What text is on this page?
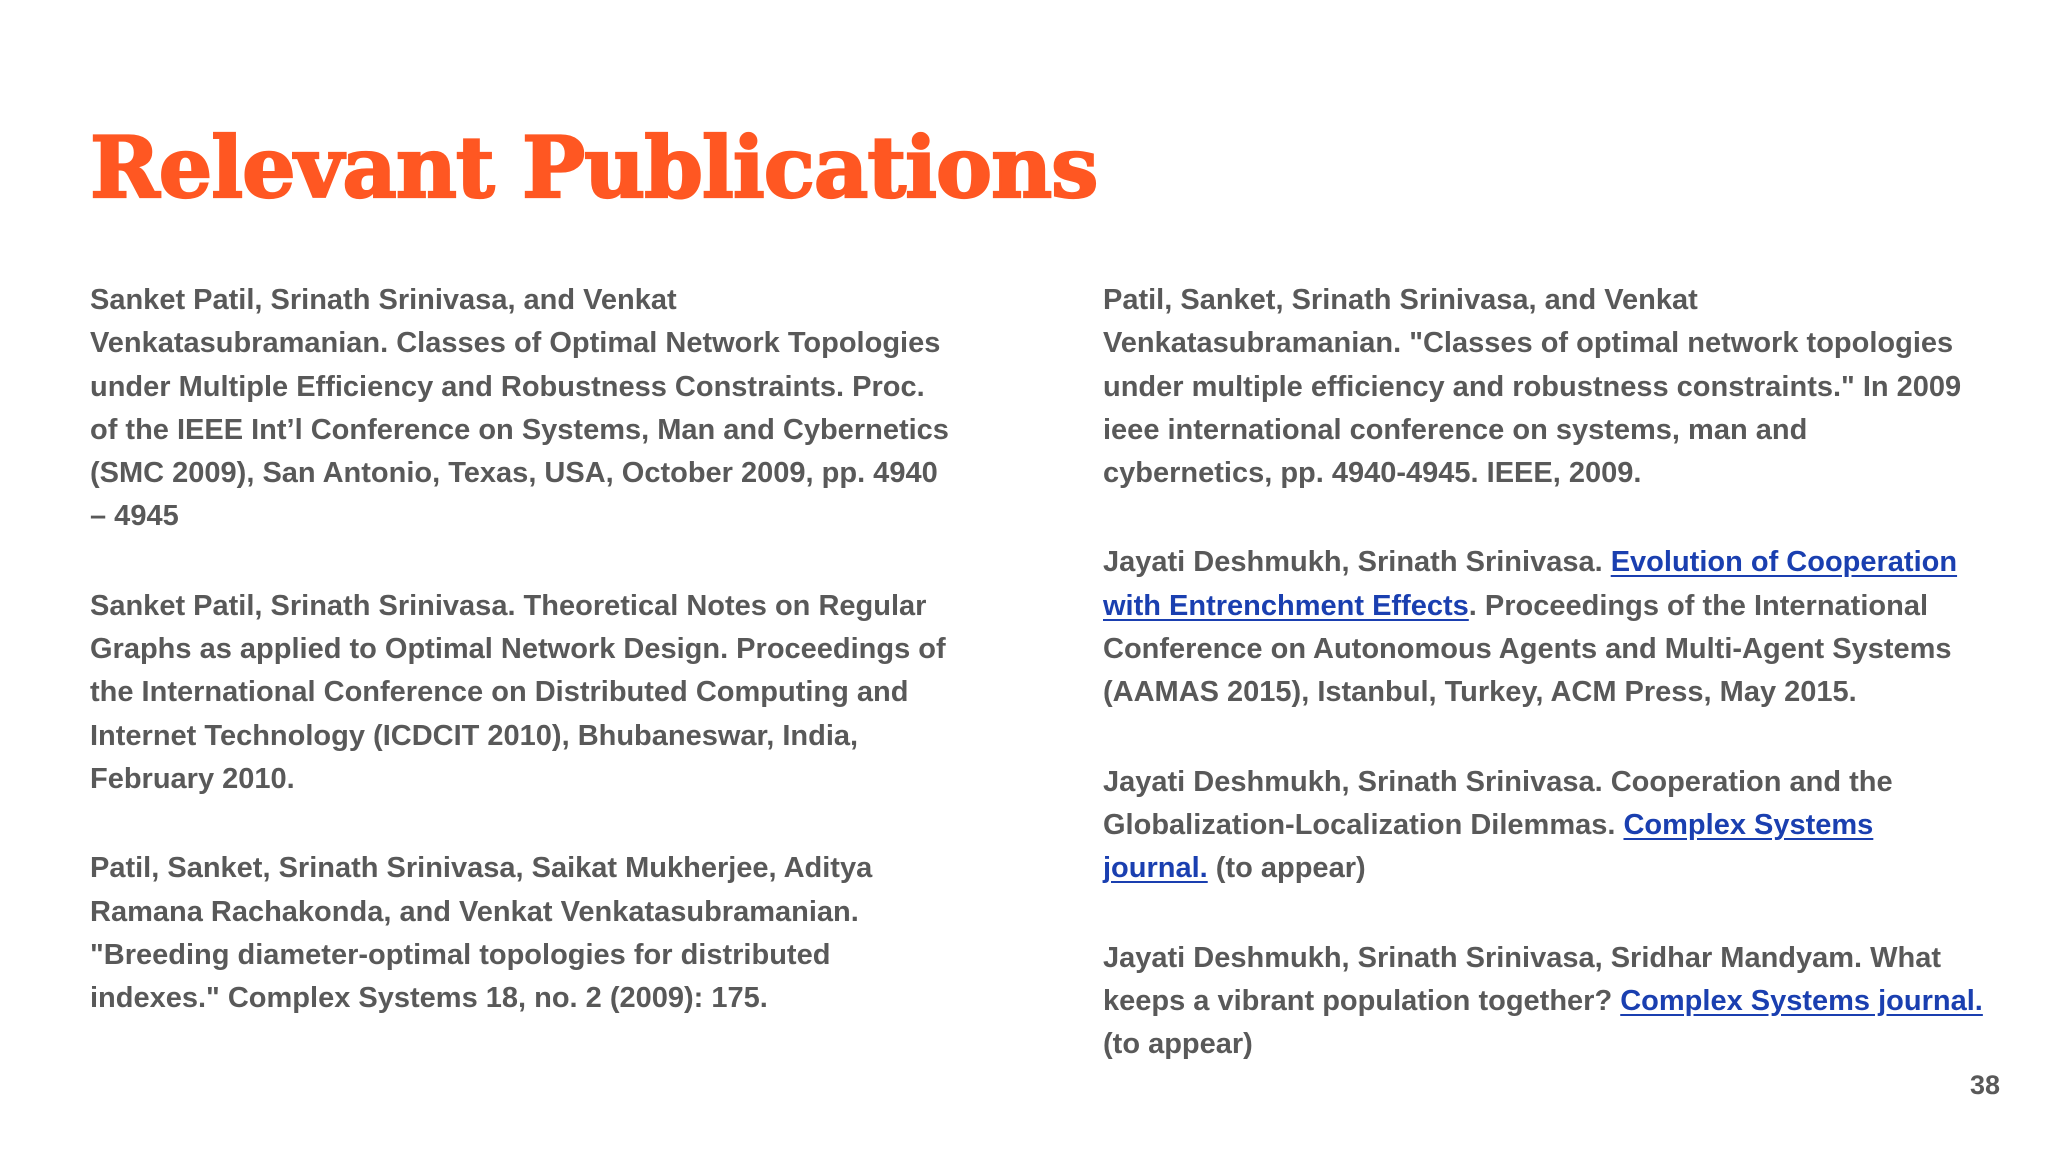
Relevant Publications

Sanket Patil, Srinath Srinivasa, and Venkat Venkatasubramanian. Classes of Optimal Network Topologies under Multiple Efficiency and Robustness Constraints. Proc. of the IEEE Int’l Conference on Systems, Man and Cybernetics (SMC 2009), San Antonio, Texas, USA, October 2009, pp. 4940 – 4945

Sanket Patil, Srinath Srinivasa. Theoretical Notes on Regular Graphs as applied to Optimal Network Design. Proceedings of the International Conference on Distributed Computing and Internet Technology (ICDCIT 2010), Bhubaneswar, India, February 2010.

Patil, Sanket, Srinath Srinivasa, Saikat Mukherjee, Aditya Ramana Rachakonda, and Venkat Venkatasubramanian. "Breeding diameter-optimal topologies for distributed indexes." Complex Systems 18, no. 2 (2009): 175.

Patil, Sanket, Srinath Srinivasa, and Venkat Venkatasubramanian. "Classes of optimal network topologies under multiple efficiency and robustness constraints." In 2009 ieee international conference on systems, man and cybernetics, pp. 4940-4945. IEEE, 2009.

Jayati Deshmukh, Srinath Srinivasa. Evolution of Cooperation with Entrenchment Effects. Proceedings of the International Conference on Autonomous Agents and Multi-Agent Systems (AAMAS 2015), Istanbul, Turkey, ACM Press, May 2015.

Jayati Deshmukh, Srinath Srinivasa. Cooperation and the Globalization-Localization Dilemmas. Complex Systems journal. (to appear)

Jayati Deshmukh, Srinath Srinivasa, Sridhar Mandyam. What keeps a vibrant population together? Complex Systems journal. (to appear)

38
